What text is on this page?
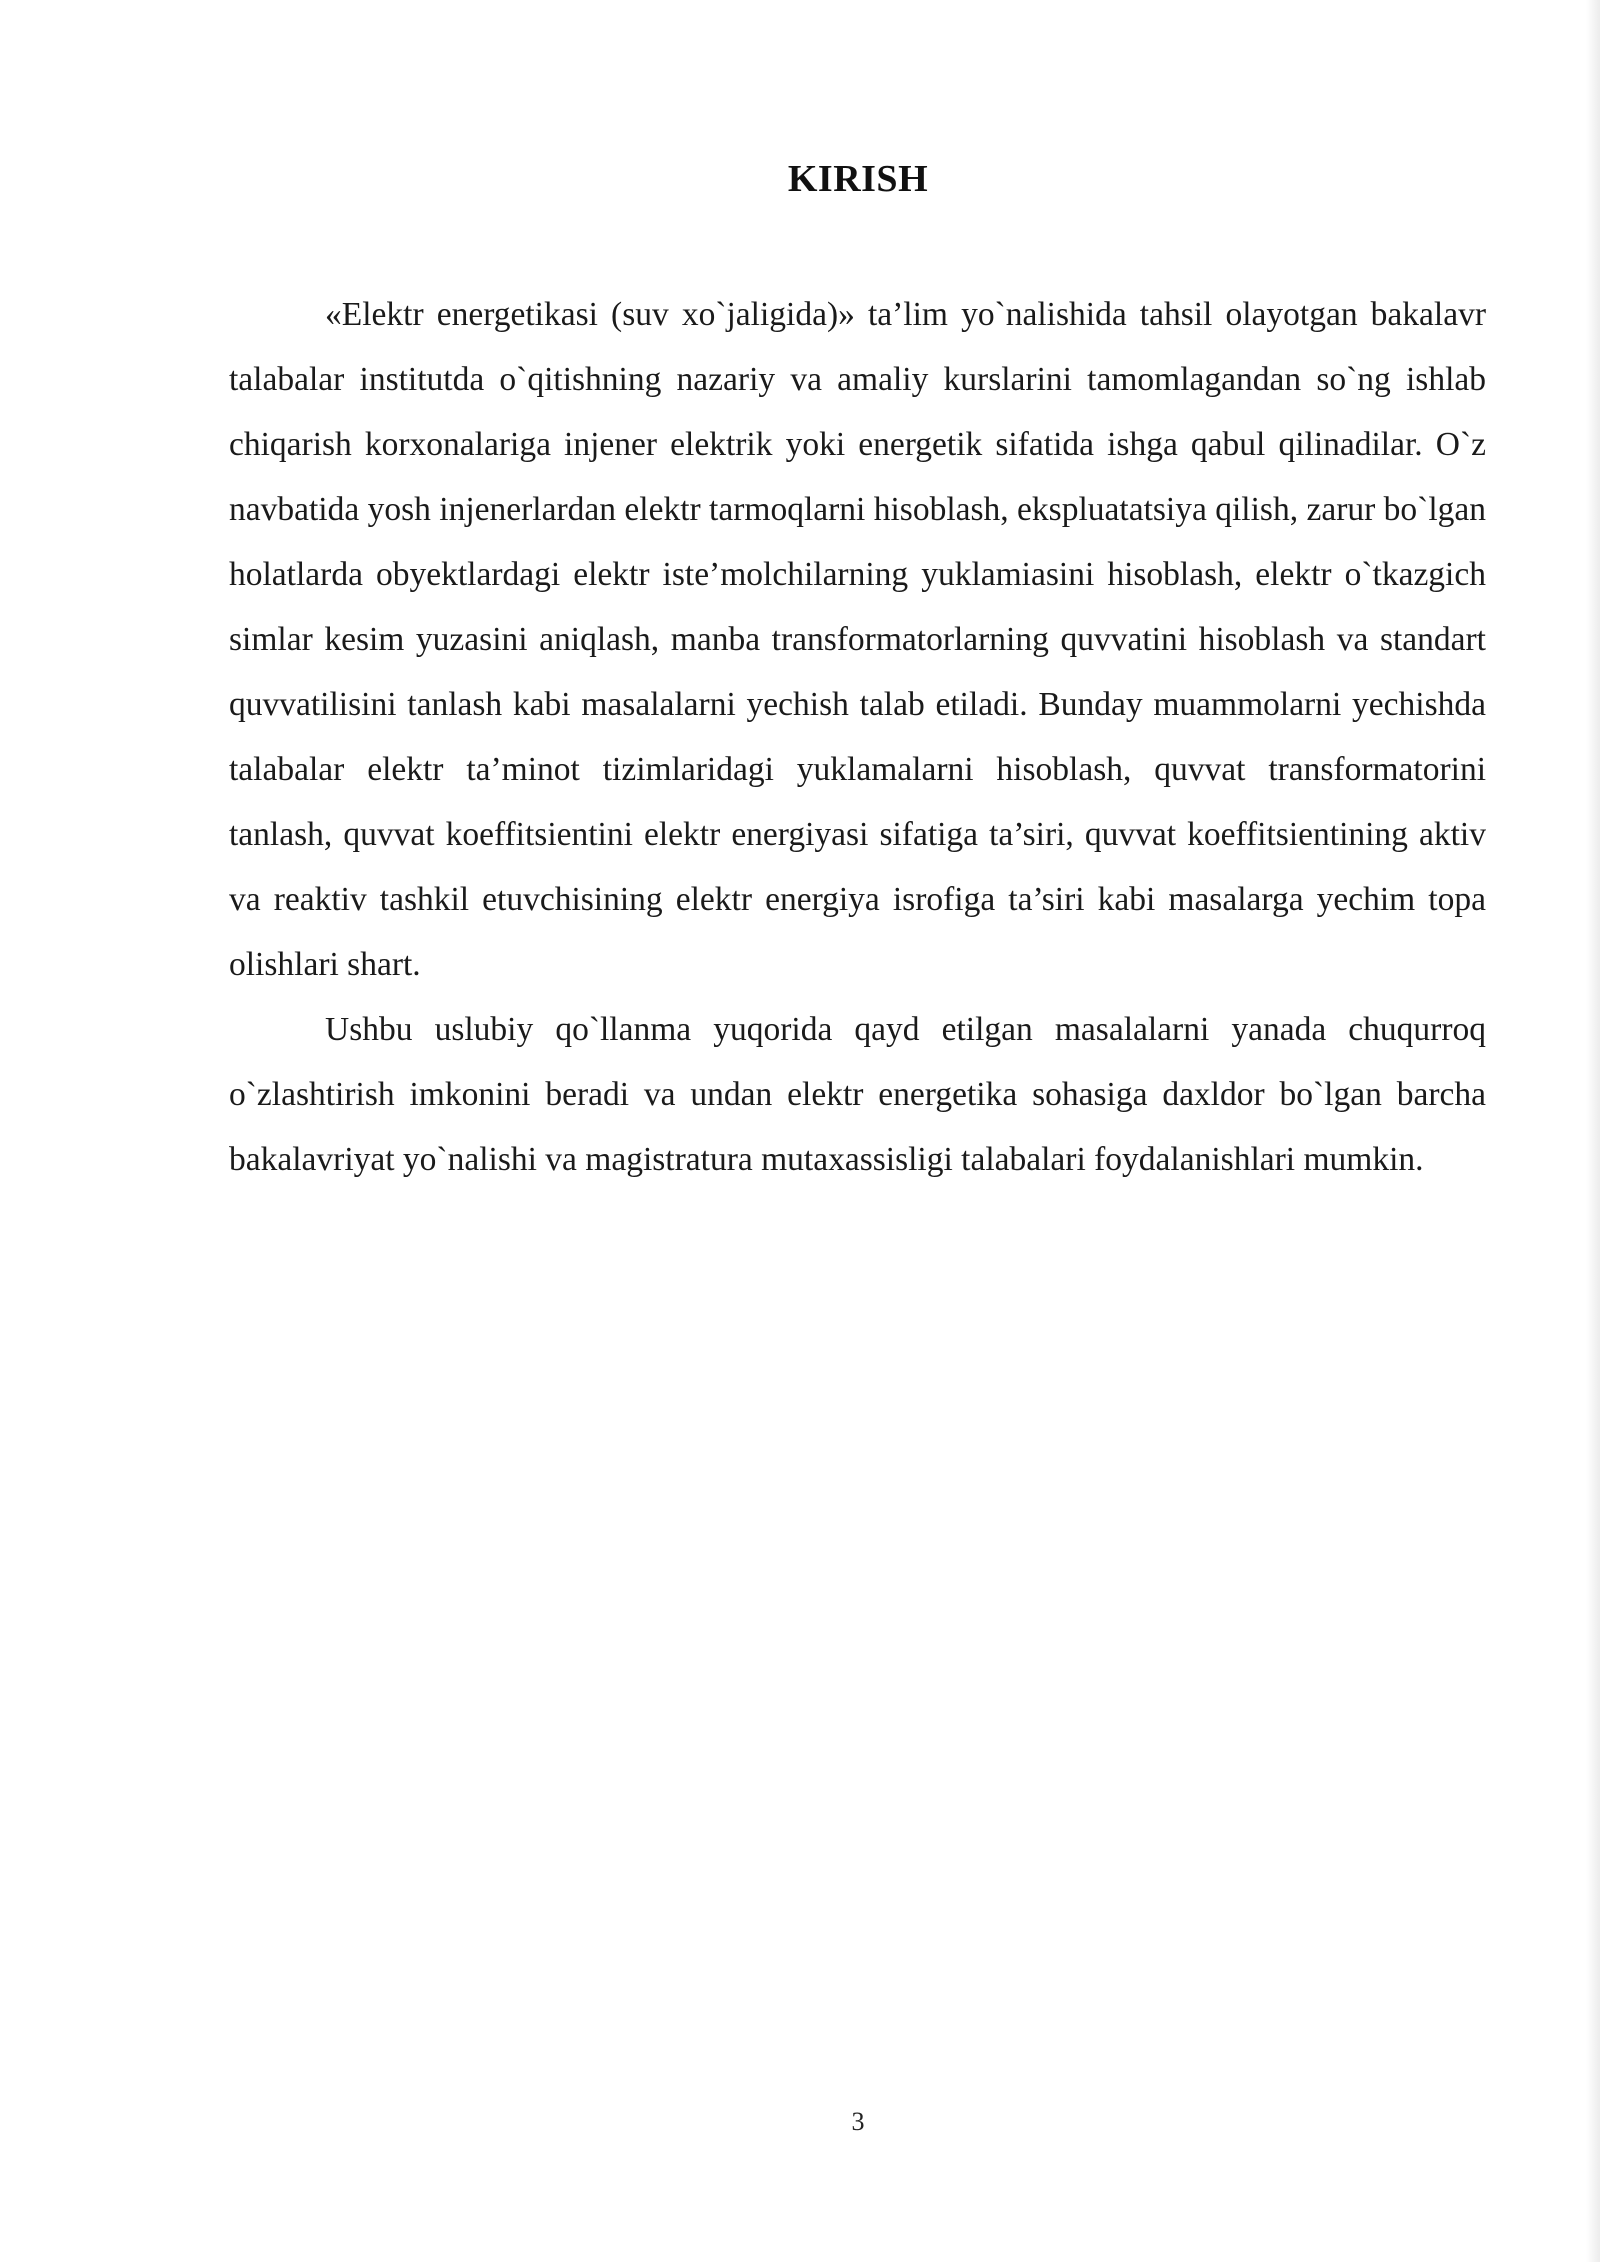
KIRISH

«Elektr energetikasi (suv xo`jaligida)» ta’lim yo`nalishida tahsil olayotgan bakalavr talabalar institutda o`qitishning nazariy va amaliy kurslarini tamomlagandan so`ng ishlab chiqarish korxonalariga injener elektrik yoki energetik sifatida ishga qabul qilinadilar. O`z navbatida yosh injenerlardan elektr tarmoqlarni hisoblash, ekspluatatsiya qilish, zarur bo`lgan holatlarda obyektlardagi elektr iste’molchilarning yuklamiasini hisoblash, elektr o`tkazgich simlar kesim yuzasini aniqlash, manba transformatorlarning quvvatini hisoblash va standart quvvatilisini tanlash kabi masalalarni yechish talab etiladi. Bunday muammolarni yechishda talabalar elektr ta’minot tizimlaridagi yuklamalarni hisoblash, quvvat transformatorini tanlash, quvvat koeffitsientini elektr energiyasi sifatiga ta’siri, quvvat koeffitsientining aktiv va reaktiv tashkil etuvchisining elektr energiya isrofiga ta’siri kabi masalarga yechim topa olishlari shart.

Ushbu uslubiy qo`llanma yuqorida qayd etilgan masalalarni yanada chuqurroq o`zlashtirish imkonini beradi va undan elektr energetika sohasiga daxldor bo`lgan barcha bakalavriyat yo`nalishi va magistratura mutaxassisligi talabalari foydalanishlari mumkin.

3
